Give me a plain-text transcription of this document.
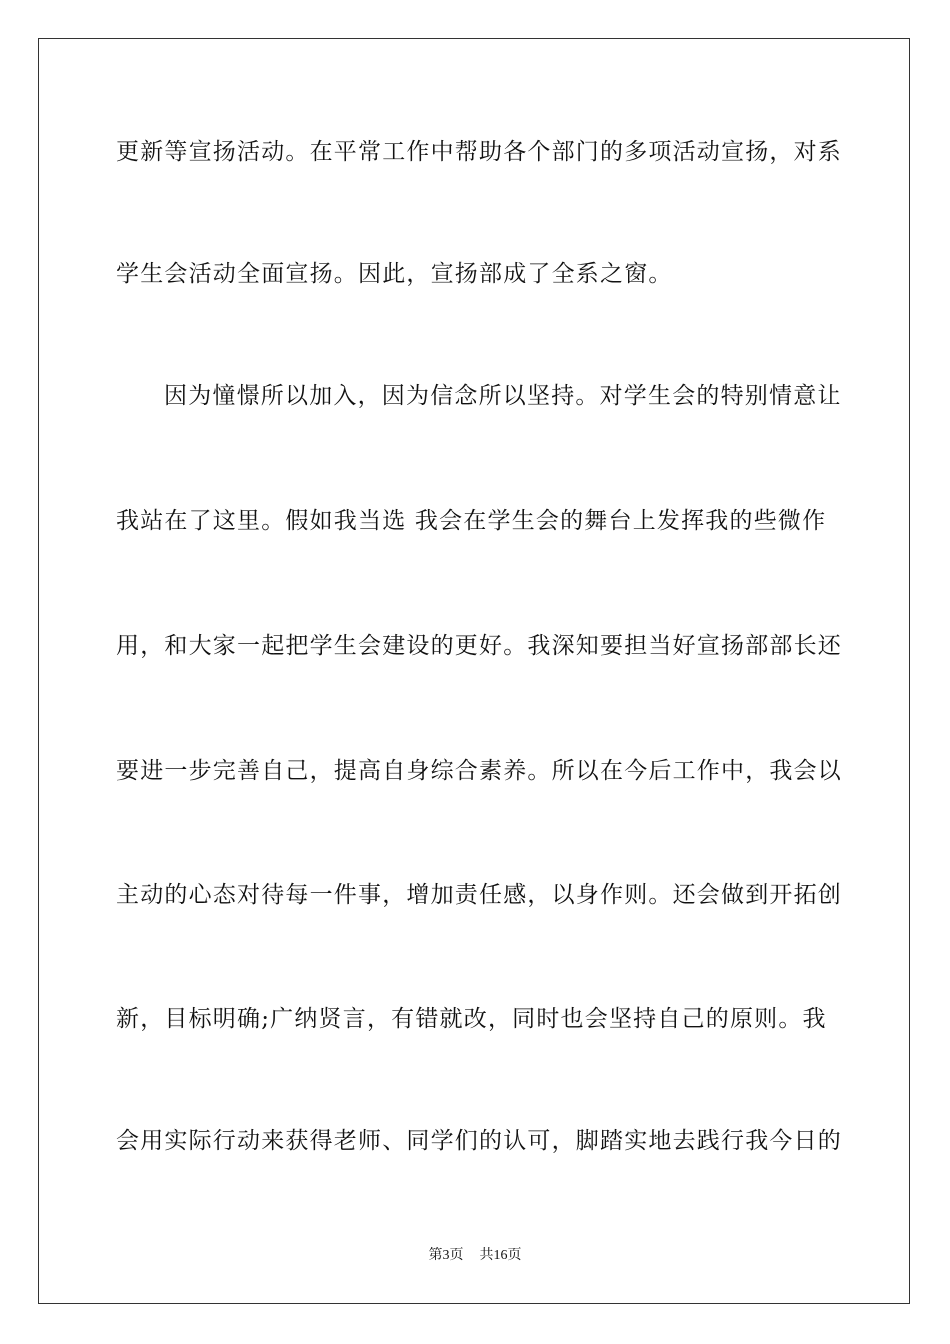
更新等宣扬活动。在平常工作中帮助各个部门的多项活动宣扬，对系
学生会活动全面宣扬。因此，宣扬部成了全系之窗。
因为憧憬所以加入，因为信念所以坚持。对学生会的特别情意让
我站在了这里。假如我当选 我会在学生会的舞台上发挥我的些微作
用，和大家一起把学生会建设的更好。我深知要担当好宣扬部部长还
要进一步完善自己，提高自身综合素养。所以在今后工作中，我会以
主动的心态对待每一件事，增加责任感，以身作则。还会做到开拓创
新，目标明确;广纳贤言，有错就改，同时也会坚持自己的原则。我
会用实际行动来获得老师、同学们的认可，脚踏实地去践行我今日的
第3页 共16页
